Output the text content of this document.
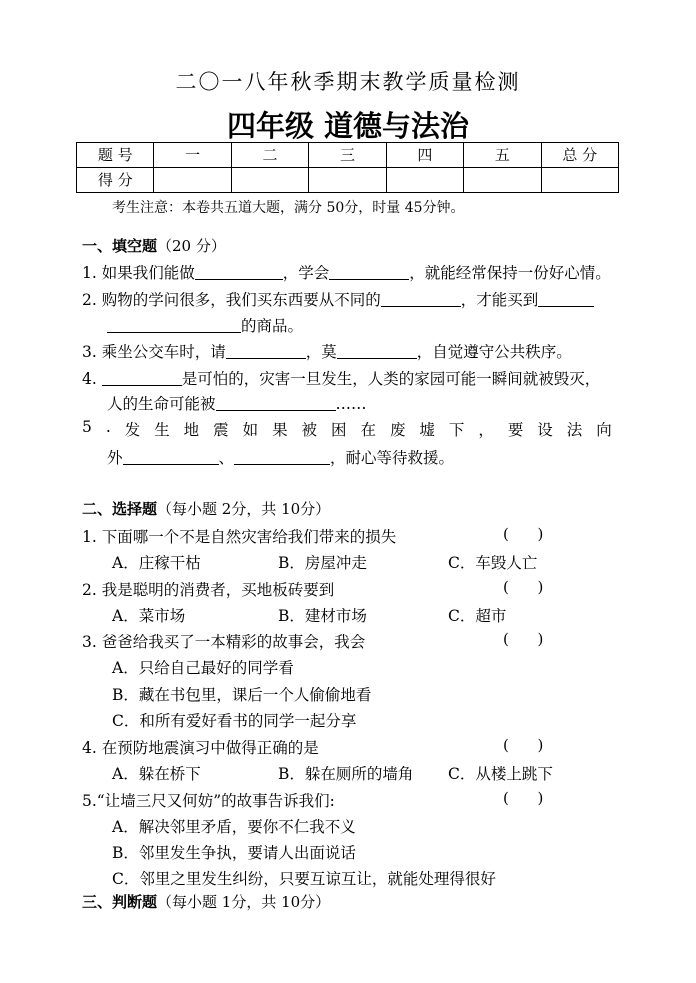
二〇一八年秋季期末教学质量检测
四年级 道德与法治
题 号	一	二	三	四	五	总 分
得 分						
考生注意：本卷共五道大题，满分 50分，时量 45分钟。
一、填空题（20 分）
1. 如果我们能做	，学会	，就能经常保持一份好心情。
2. 购物的学问很多，我们买东西要从不同的	，才能买到
的商品。
3. 乘坐公交车时，请	，莫	，自觉遵守公共秩序。
4.	是可怕的，灾害一旦发生，人类的家园可能一瞬间就被毁灭，
人的生命可能被	……
5 . 发 生 地 震 如 果 被 困 在 废 墟 下 ， 要 设 法 向
外	、	，耐心等待救援。
二、选择题（每小题 2分，共 10分）
1. 下面哪一个不是自然灾害给我们带来的损失	(      )
A．庄稼干枯	B．房屋冲走	C．车毁人亡
2. 我是聪明的消费者，买地板砖要到	(      )
A．菜市场	B．建材市场	C．超市
3. 爸爸给我买了一本精彩的故事会，我会	(      )
A．只给自己最好的同学看
B．藏在书包里，课后一个人偷偷地看
C．和所有爱好看书的同学一起分享
4. 在预防地震演习中做得正确的是	(      )
A．躲在桥下	B．躲在厕所的墙角 C．从楼上跳下
5.“让墙三尺又何妨”的故事告诉我们:	(      )
A．解决邻里矛盾，要你不仁我不义
B．邻里发生争执，要请人出面说话
C．邻里之里发生纠纷，只要互谅互让，就能处理得很好
三、判断题（每小题 1分，共 10分）
